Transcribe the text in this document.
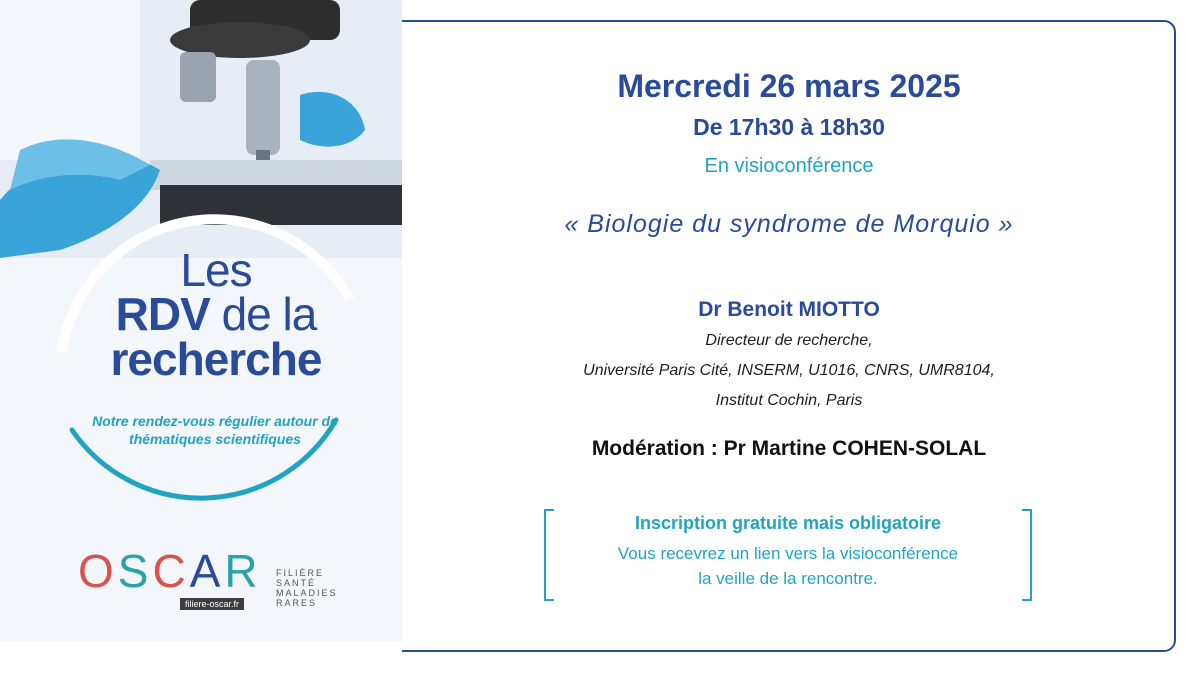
Les
RDV de la
recherche
Notre rendez-vous régulier autour de thématiques scientifiques
OSCAR
filiere-oscar.fr
FILIÈRE
SANTÉ
MALADIES
RARES
Mercredi 26 mars 2025
De 17h30 à 18h30
En visioconférence
« Biologie du syndrome de Morquio »
Dr Benoit MIOTTO
Directeur de recherche,
Université Paris Cité, INSERM, U1016, CNRS, UMR8104,
Institut Cochin, Paris
Modération : Pr Martine COHEN-SOLAL
Inscription gratuite mais obligatoire
Vous recevrez un lien vers la visioconférence
la veille de la rencontre.
